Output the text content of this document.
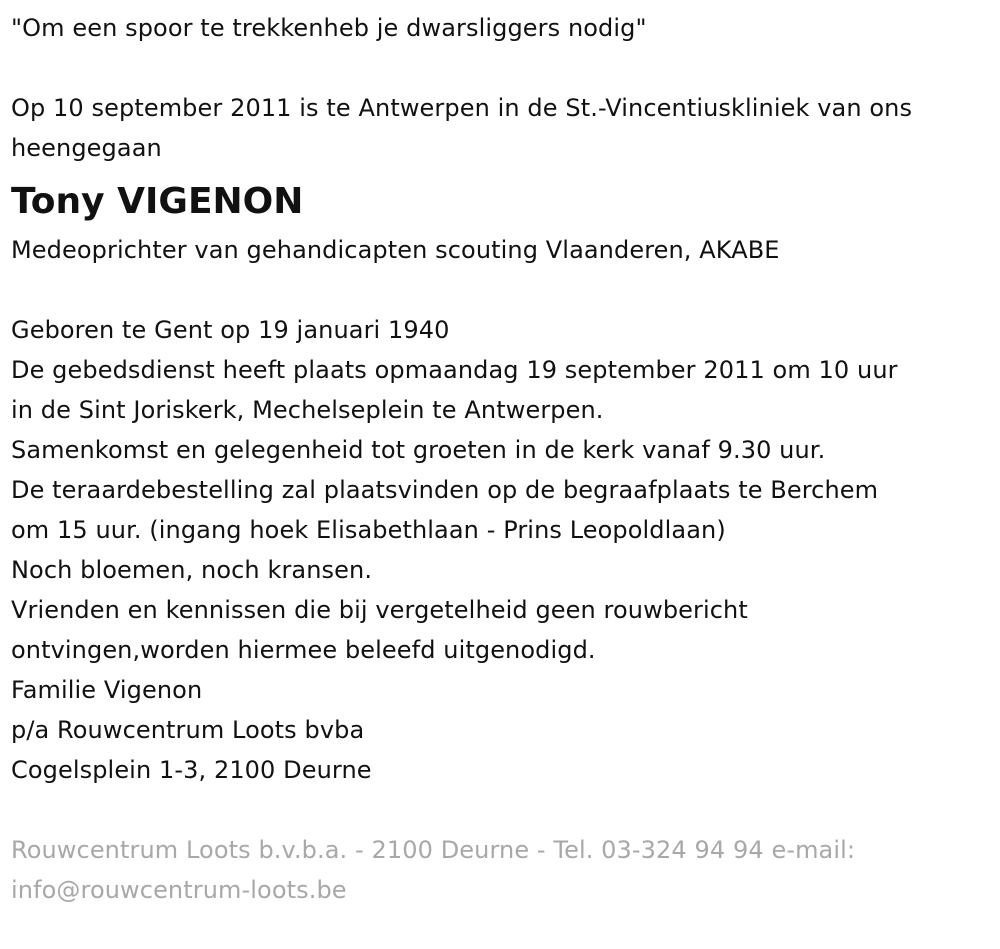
"Om een spoor te trekkenheb je dwarsliggers nodig"
Op 10 september 2011 is te Antwerpen in de St.-Vincentiuskliniek van ons
heengegaan
Tony VIGENON
Medeoprichter van gehandicapten scouting Vlaanderen, AKABE
Geboren te Gent op 19 januari 1940
De gebedsdienst heeft plaats opmaandag 19 september 2011 om 10 uur
in de Sint Joriskerk, Mechelseplein te Antwerpen.
Samenkomst en gelegenheid tot groeten in de kerk vanaf 9.30 uur.
De teraardebestelling zal plaatsvinden op de begraafplaats te Berchem
om 15 uur. (ingang hoek Elisabethlaan - Prins Leopoldlaan)
Noch bloemen, noch kransen.
Vrienden en kennissen die bij vergetelheid geen rouwbericht
ontvingen,worden hiermee beleefd uitgenodigd.
Familie Vigenon
p/a Rouwcentrum Loots bvba
Cogelsplein 1-3, 2100 Deurne
Rouwcentrum Loots b.v.b.a. - 2100 Deurne - Tel. 03-324 94 94 e-mail:
info@rouwcentrum-loots.be
